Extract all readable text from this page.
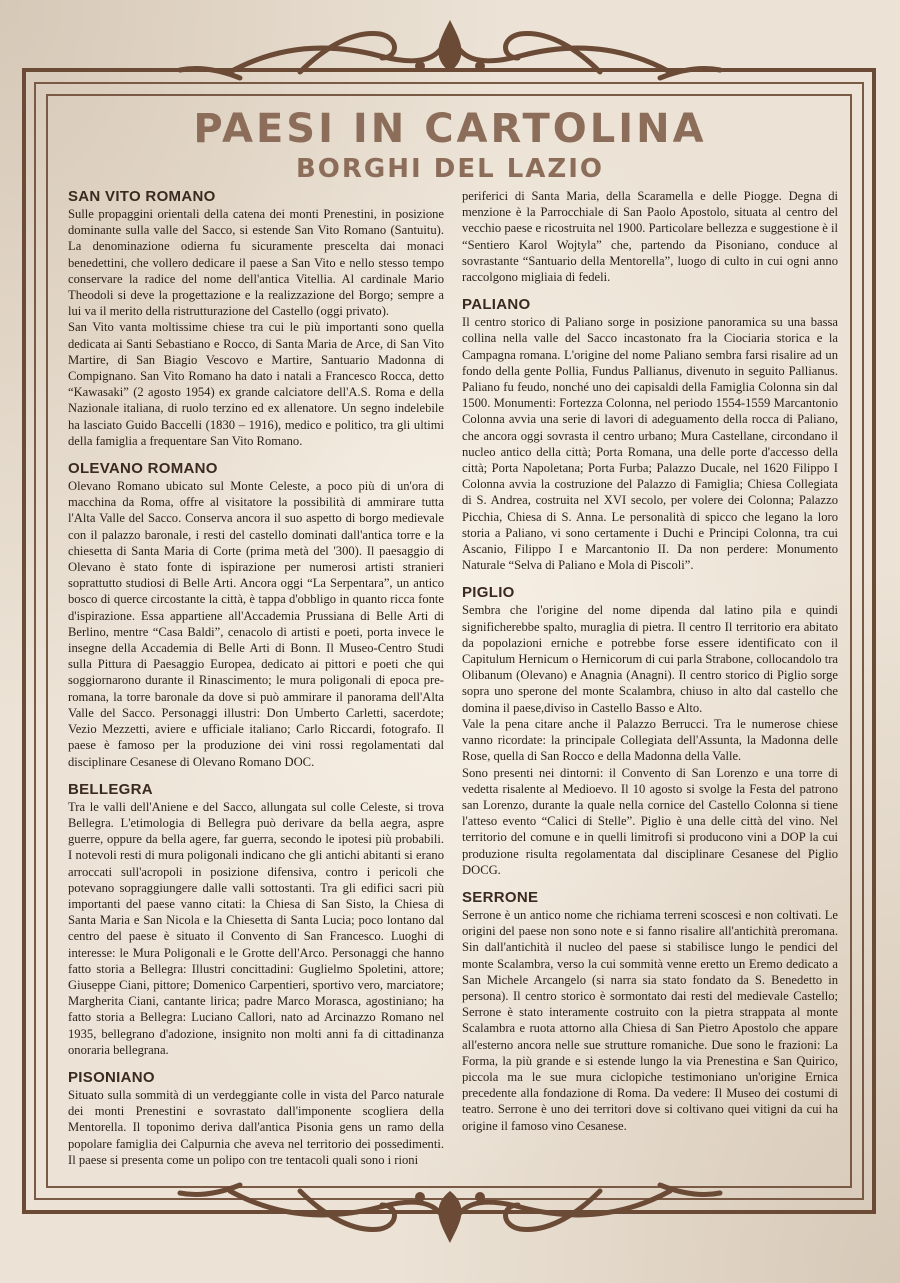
PAESI IN CARTOLINA
BORGHI DEL LAZIO
SAN VITO ROMANO

Sulle propaggini orientali della catena dei monti Prenestini, in posizione dominante sulla valle del Sacco, si estende San Vito Romano (Santuitu). La denominazione odierna fu sicuramente prescelta dai monaci benedettini, che vollero dedicare il paese a San Vito e nello stesso tempo conservare la radice del nome dell'antica Vitellia. Al cardinale Mario Theodoli si deve la progettazione e la realizzazione del Borgo; sempre a lui va il merito della ristrutturazione del Castello (oggi privato).

San Vito vanta moltissime chiese tra cui le più importanti sono quella dedicata ai Santi Sebastiano e Rocco, di Santa Maria de Arce, di San Vito Martire, di San Biagio Vescovo e Martire, Santuario Madonna di Compignano. San Vito Romano ha dato i natali a Francesco Rocca, detto “Kawasaki” (2 agosto 1954) ex grande calciatore dell'A.S. Roma e della Nazionale italiana, di ruolo terzino ed ex allenatore. Un segno indelebile ha lasciato Guido Baccelli (1830 – 1916), medico e politico, tra gli ultimi della famiglia a frequentare San Vito Romano.

OLEVANO ROMANO

Olevano Romano ubicato sul Monte Celeste, a poco più di un'ora di macchina da Roma, offre al visitatore la possibilità di ammirare tutta l'Alta Valle del Sacco. Conserva ancora il suo aspetto di borgo medievale con il palazzo baronale, i resti del castello dominati dall'antica torre e la chiesetta di Santa Maria di Corte (prima metà del '300). Il paesaggio di Olevano è stato fonte di ispirazione per numerosi artisti stranieri soprattutto studiosi di Belle Arti. Ancora oggi “La Serpentara”, un antico bosco di querce circostante la città, è tappa d'obbligo in quanto ricca fonte d'ispirazione. Essa appartiene all'Accademia Prussiana di Belle Arti di Berlino, mentre “Casa Baldi”, cenacolo di artisti e poeti, porta invece le insegne della Accademia di Belle Arti di Bonn. Il Museo-Centro Studi sulla Pittura di Paesaggio Europea, dedicato ai pittori e poeti che qui soggiornarono durante il Rinascimento; le mura poligonali di epoca pre-romana, la torre baronale da dove si può ammirare il panorama dell'Alta Valle del Sacco. Personaggi illustri: Don Umberto Carletti, sacerdote; Vezio Mezzetti, aviere e ufficiale italiano; Carlo Riccardi, fotografo. Il paese è famoso per la produzione dei vini rossi regolamentati dal disciplinare Cesanese di Olevano Romano DOC.

BELLEGRA

Tra le valli dell'Aniene e del Sacco, allungata sul colle Celeste, si trova Bellegra. L'etimologia di Bellegra può derivare da bella aegra, aspre guerre, oppure da bella agere, far guerra, secondo le ipotesi più probabili. I notevoli resti di mura poligonali indicano che gli antichi abitanti si erano arroccati sull'acropoli in posizione difensiva, contro i pericoli che potevano sopraggiungere dalle valli sottostanti. Tra gli edifici sacri più importanti del paese vanno citati: la Chiesa di San Sisto, la Chiesa di Santa Maria e San Nicola e la Chiesetta di Santa Lucia; poco lontano dal centro del paese è situato il Convento di San Francesco. Luoghi di interesse: le Mura Poligonali e le Grotte dell'Arco. Personaggi che hanno fatto storia a Bellegra: Illustri concittadini: Guglielmo Spoletini, attore; Giuseppe Ciani, pittore; Domenico Carpentieri, sportivo vero, marciatore; Margherita Ciani, cantante lirica; padre Marco Morasca, agostiniano; ha fatto storia a Bellegra: Luciano Callori, nato ad Arcinazzo Romano nel 1935, bellegrano d'adozione, insignito non molti anni fa di cittadinanza onoraria bellegrana.

PISONIANO

Situato sulla sommità di un verdeggiante colle in vista del Parco naturale dei monti Prenestini e sovrastato dall'imponente scogliera della Mentorella. Il toponimo deriva dall'antica Pisonia gens un ramo della popolare famiglia dei Calpurnia che aveva nel territorio dei possedimenti. Il paese si presenta come un polipo con tre tentacoli quali sono i rioni

periferici di Santa Maria, della Scaramella e delle Piogge. Degna di menzione è la Parrocchiale di San Paolo Apostolo, situata al centro del vecchio paese e ricostruita nel 1900. Particolare bellezza e suggestione è il “Sentiero Karol Wojtyla” che, partendo da Pisoniano, conduce al sovrastante “Santuario della Mentorella”, luogo di culto in cui ogni anno raccolgono migliaia di fedeli.

PALIANO

Il centro storico di Paliano sorge in posizione panoramica su una bassa collina nella valle del Sacco incastonato fra la Ciociaria storica e la Campagna romana. L'origine del nome Paliano sembra farsi risalire ad un fondo della gente Pollia, Fundus Pallianus, divenuto in seguito Pallianus. Paliano fu feudo, nonché uno dei capisaldi della Famiglia Colonna sin dal 1500. Monumenti: Fortezza Colonna, nel periodo 1554-1559 Marcantonio Colonna avvia una serie di lavori di adeguamento della rocca di Paliano, che ancora oggi sovrasta il centro urbano; Mura Castellane, circondano il nucleo antico della città; Porta Romana, una delle porte d'accesso della città; Porta Napoletana; Porta Furba; Palazzo Ducale, nel 1620 Filippo I Colonna avvia la costruzione del Palazzo di Famiglia; Chiesa Collegiata di S. Andrea, costruita nel XVI secolo, per volere dei Colonna; Palazzo Picchia, Chiesa di S. Anna. Le personalità di spicco che legano la loro storia a Paliano, vi sono certamente i Duchi e Principi Colonna, tra cui Ascanio, Filippo I e Marcantonio II. Da non perdere: Monumento Naturale “Selva di Paliano e Mola di Piscoli”.

PIGLIO

Sembra che l'origine del nome dipenda dal latino pila e quindi significherebbe spalto, muraglia di pietra. Il centro Il territorio era abitato da popolazioni erniche e potrebbe forse essere identificato con il Capitulum Hernicum o Hernicorum di cui parla Strabone, collocandolo tra Olibanum (Olevano) e Anagnia (Anagni). Il centro storico di Piglio sorge sopra uno sperone del monte Scalambra, chiuso in alto dal castello che domina il paese,diviso in Castello Basso e Alto.

Vale la pena citare anche il Palazzo Berrucci. Tra le numerose chiese vanno ricordate: la principale Collegiata dell'Assunta, la Madonna delle Rose, quella di San Rocco e della Madonna della Valle.

Sono presenti nei dintorni: il Convento di San Lorenzo e una torre di vedetta risalente al Medioevo. Il 10 agosto si svolge la Festa del patrono san Lorenzo, durante la quale nella cornice del Castello Colonna si tiene l'atteso evento “Calici di Stelle”. Piglio è una delle città del vino. Nel territorio del comune e in quelli limitrofi si producono vini a DOP la cui produzione risulta regolamentata dal disciplinare Cesanese del Piglio DOCG.

SERRONE

Serrone è un antico nome che richiama terreni scoscesi e non coltivati. Le origini del paese non sono note e si fanno risalire all'antichità preromana. Sin dall'antichità il nucleo del paese si stabilisce lungo le pendici del monte Scalambra, verso la cui sommità venne eretto un Eremo dedicato a San Michele Arcangelo (si narra sia stato fondato da S. Benedetto in persona). Il centro storico è sormontato dai resti del medievale Castello; Serrone è stato interamente costruito con la pietra strappata al monte Scalambra e ruota attorno alla Chiesa di San Pietro Apostolo che appare all'esterno ancora nelle sue strutture romaniche. Due sono le frazioni: La Forma, la più grande e si estende lungo la via Prenestina e San Quirico, piccola ma le sue mura ciclopiche testimoniano un'origine Ernica precedente alla fondazione di Roma. Da vedere: Il Museo dei costumi di teatro. Serrone è uno dei territori dove si coltivano quei vitigni da cui ha origine il famoso vino Cesanese.
